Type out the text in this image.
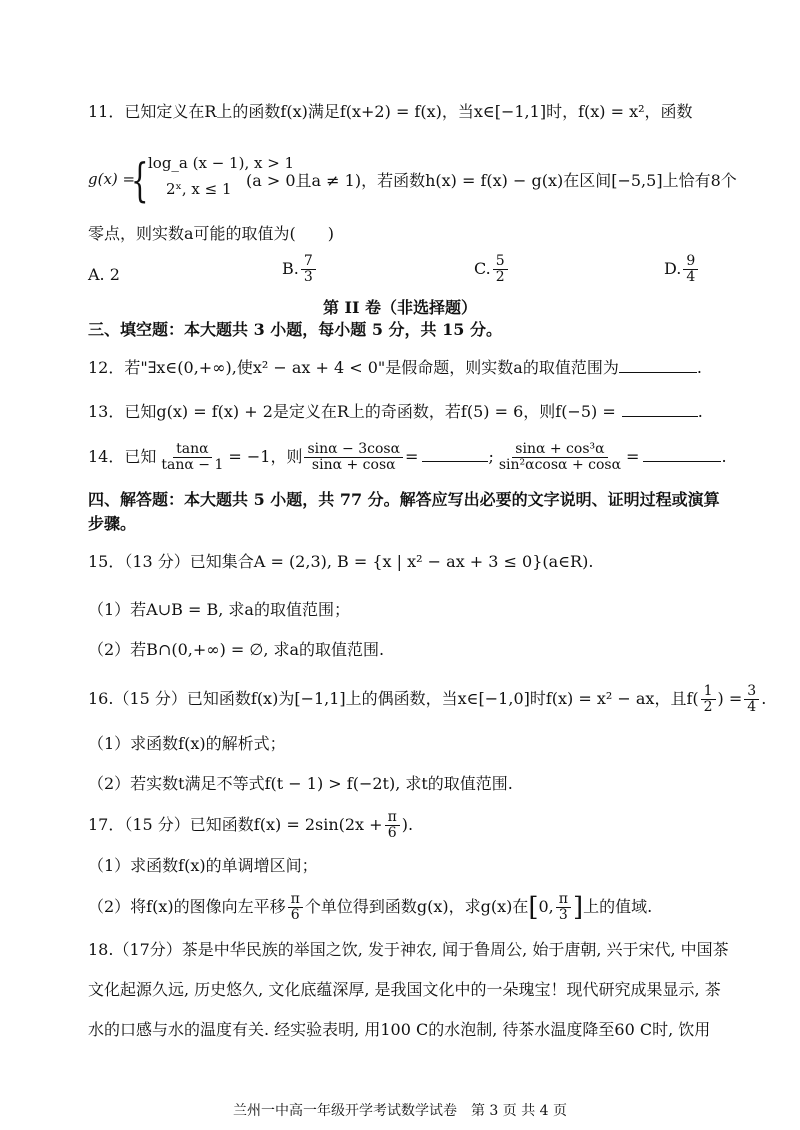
11．已知定义在R上的函数f(x)满足f(x+2) = f(x)，当x∈[−1,1]时，f(x) = x²，函数
g(x) =
{ log_a (x − 1), x > 1
2ˣ, x ≤ 1 (a > 0且a ≠ 1)，若函数h(x) = f(x) − g(x)在区间[−5,5]上恰有8个
零点，则实数a可能的取值为(　　)
A. 2	B. $\frac{7}{3}$	C. $\frac{5}{2}$	D. $\frac{9}{4}$
第 II 卷（非选择题）
三、填空题：本大题共 3 小题，每小题 5 分，共 15 分。
12．若"∃x∈(0,+∞),使x² − ax + 4 < 0"是假命题，则实数a的取值范围为	.
13．已知g(x) = f(x) + 2是定义在R上的奇函数，若f(5) = 6，则f(−5) =	.
14．已知 $\frac{\tan\alpha}{\tan\alpha - 1} = -1$，则 $\frac{\sin\alpha - 3\cos\alpha}{\sin\alpha + \cos\alpha}$ =	; $\frac{\text{sinα + cos³α}}{\text{sin²αcosα + cosα}}$ =	.
四、解答题：本大题共 5 小题，共 77 分。解答应写出必要的文字说明、证明过程或演算
步骤。
15．（13 分）已知集合A = (2,3), B = {x | x² − ax + 3 ≤ 0}(a∈R).
（1）若A∪B = B, 求a的取值范围；
（2）若B∩(0,+∞) = ∅, 求a的取值范围.
16.（15 分）已知函数f(x)为[−1,1]上的偶函数，当x∈[−1,0]时f(x) = x² − ax，且$f( \frac{1}{2}$ ) = $\frac{3}{4}$ .
（1）求函数f(x)的解析式；
（2）若实数t满足不等式f(t − 1) > f(−2t), 求t的取值范围.
17．（15 分）已知函数$f(x) = 2\sin(2x + \frac{\pi}{6}$ ).
（1）求函数f(x)的单调增区间；
（2）将f(x)的图像向左平移 $\frac{\pi}{6}$ 个单位得到函数g(x)，求g(x)在[0, $\frac{\pi}{3}$ ]上的值域.
18.（17分）茶是中华民族的举国之饮, 发于神农, 闻于鲁周公, 始于唐朝, 兴于宋代, 中国茶
文化起源久远, 历史悠久, 文化底蕴深厚, 是我国文化中的一朵瑰宝！现代研究成果显示, 茶
水的口感与水的温度有关. 经实验表明, 用100 C的水泡制, 待茶水温度降至60 C时, 饮用
兰州一中高一年级开学考试数学试卷　第 3 页 共 4 页
